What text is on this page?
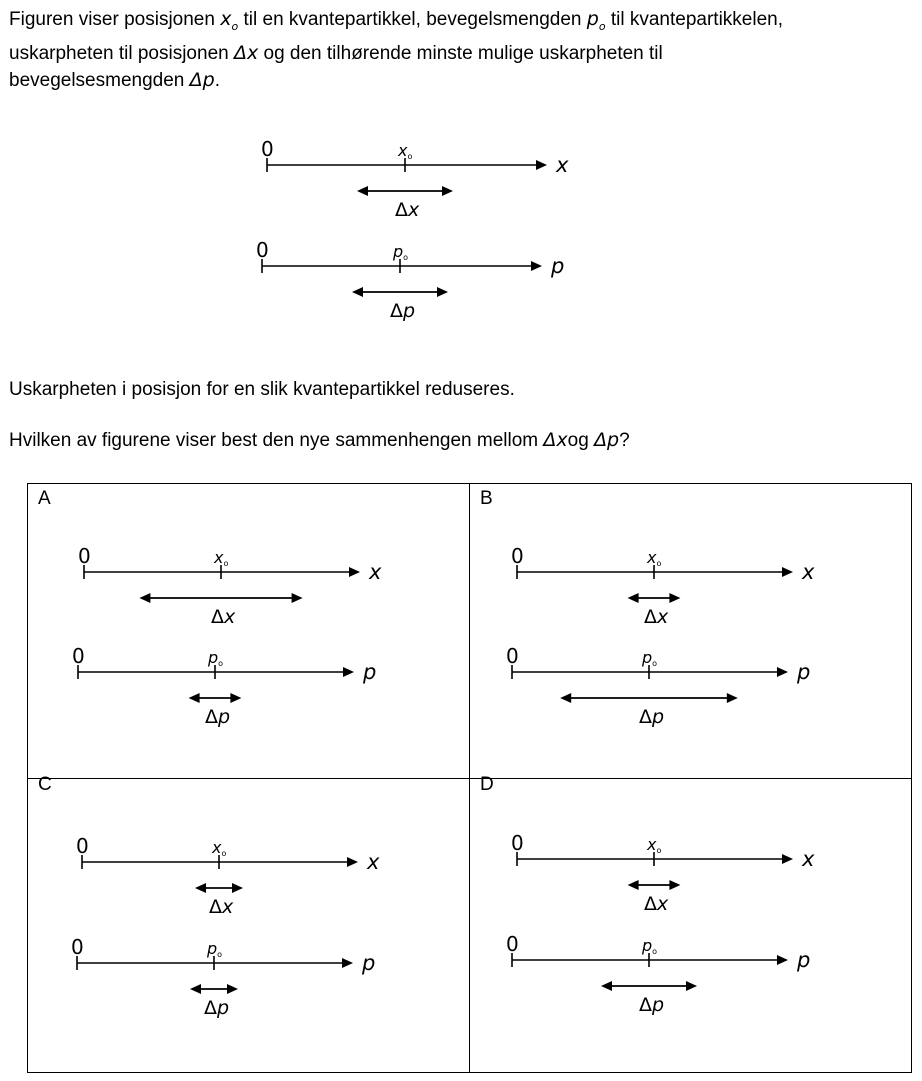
Figuren viser posisjonen $x_o$ til en kvantepartikkel, bevegelsmengden $p_o$ til kvantepartikkelen,
uskarpheten til posisjonen Δx og den tilhørende minste mulige uskarpheten til
bevegelsesmengden Δp.

0
x
xo
Δx
0
p
po
Δp

Uskarpheten i posisjon for en slik kvantepartikkel reduseres.

Hvilken av figurene viser best den nye sammenhengen mellom Δxog Δp?

A
0
x
xo
Δx
0
p
po
Δp
B
0
x
xo
Δx
0
p
po
Δp
C
0
x
xo
Δx
0
p
po
Δp
D
0
x
xo
Δx
0
p
po
Δp
